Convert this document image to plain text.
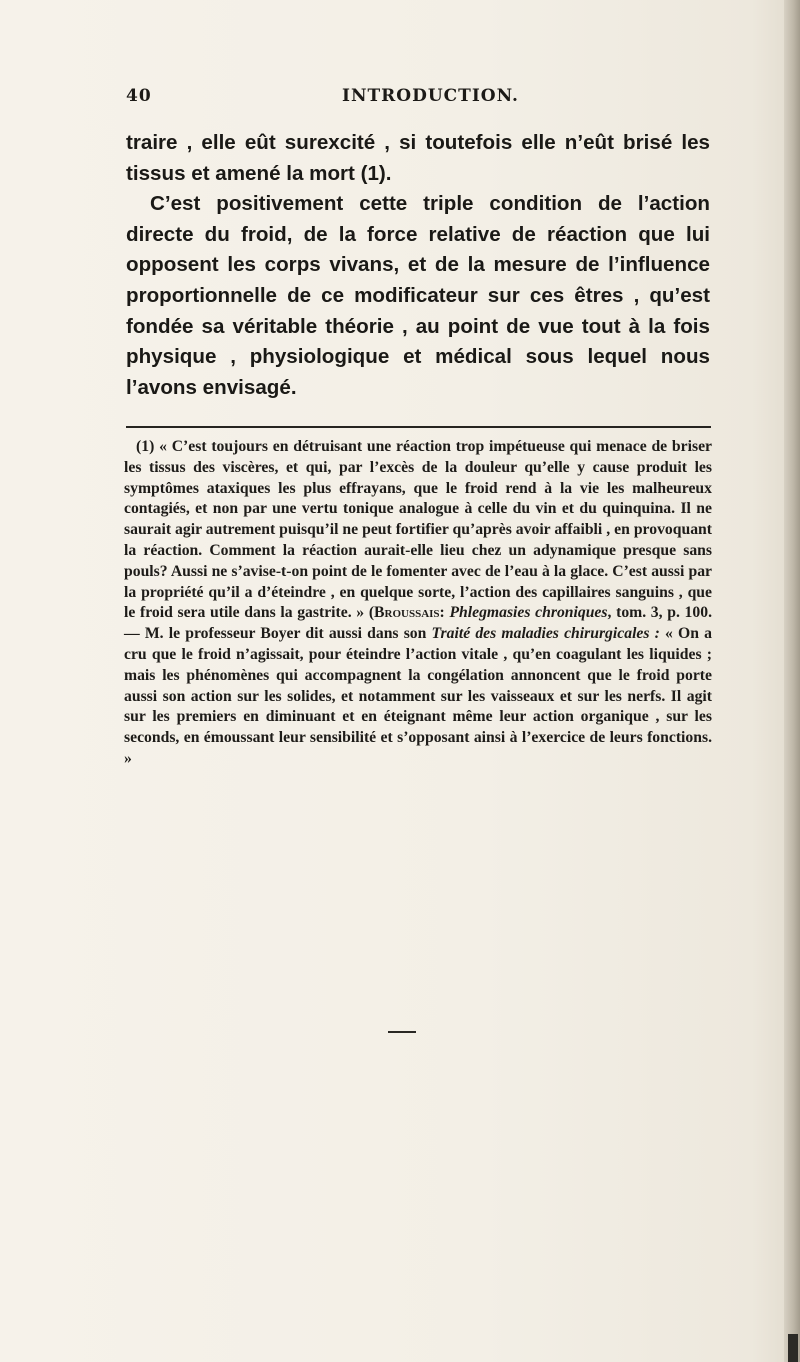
40	INTRODUCTION.

traire , elle eût surexcité , si toutefois elle n’eût brisé les tissus et amené la mort (1).

C’est positivement cette triple condition de l’action directe du froid, de la force relative de réaction que lui opposent les corps vivans, et de la mesure de l’influence proportionnelle de ce modificateur sur ces êtres , qu’est fondée sa véritable théorie , au point de vue tout à la fois physique , physiologique et médical sous lequel nous l’avons envisagé.

(1) « C’est toujours en détruisant une réaction trop impétueuse qui menace de briser les tissus des viscères, et qui, par l’excès de la douleur qu’elle y cause produit les symptômes ataxiques les plus effrayans, que le froid rend à la vie les malheureux contagiés, et non par une vertu tonique analogue à celle du vin et du quinquina. Il ne saurait agir autrement puisqu’il ne peut fortifier qu’après avoir affaibli , en provoquant la réaction. Comment la réaction aurait-elle lieu chez un adynamique presque sans pouls? Aussi ne s’avise-t-on point de le fomenter avec de l’eau à la glace. C’est aussi par la propriété qu’il a d’éteindre , en quelque sorte, l’action des capillaires sanguins , que le froid sera utile dans la gastrite. » (Broussais: Phlegmasies chroniques, tom. 3, p. 100.— M. le professeur Boyer dit aussi dans son Traité des maladies chirurgicales : « On a cru que le froid n’agissait, pour éteindre l’action vitale , qu’en coagulant les liquides ; mais les phénomènes qui accompagnent la congélation annoncent que le froid porte aussi son action sur les solides, et notamment sur les vaisseaux et sur les nerfs. Il agit sur les premiers en diminuant et en éteignant même leur action organique , sur les seconds, en émoussant leur sensibilité et s’opposant ainsi à l’exercice de leurs fonctions. »
